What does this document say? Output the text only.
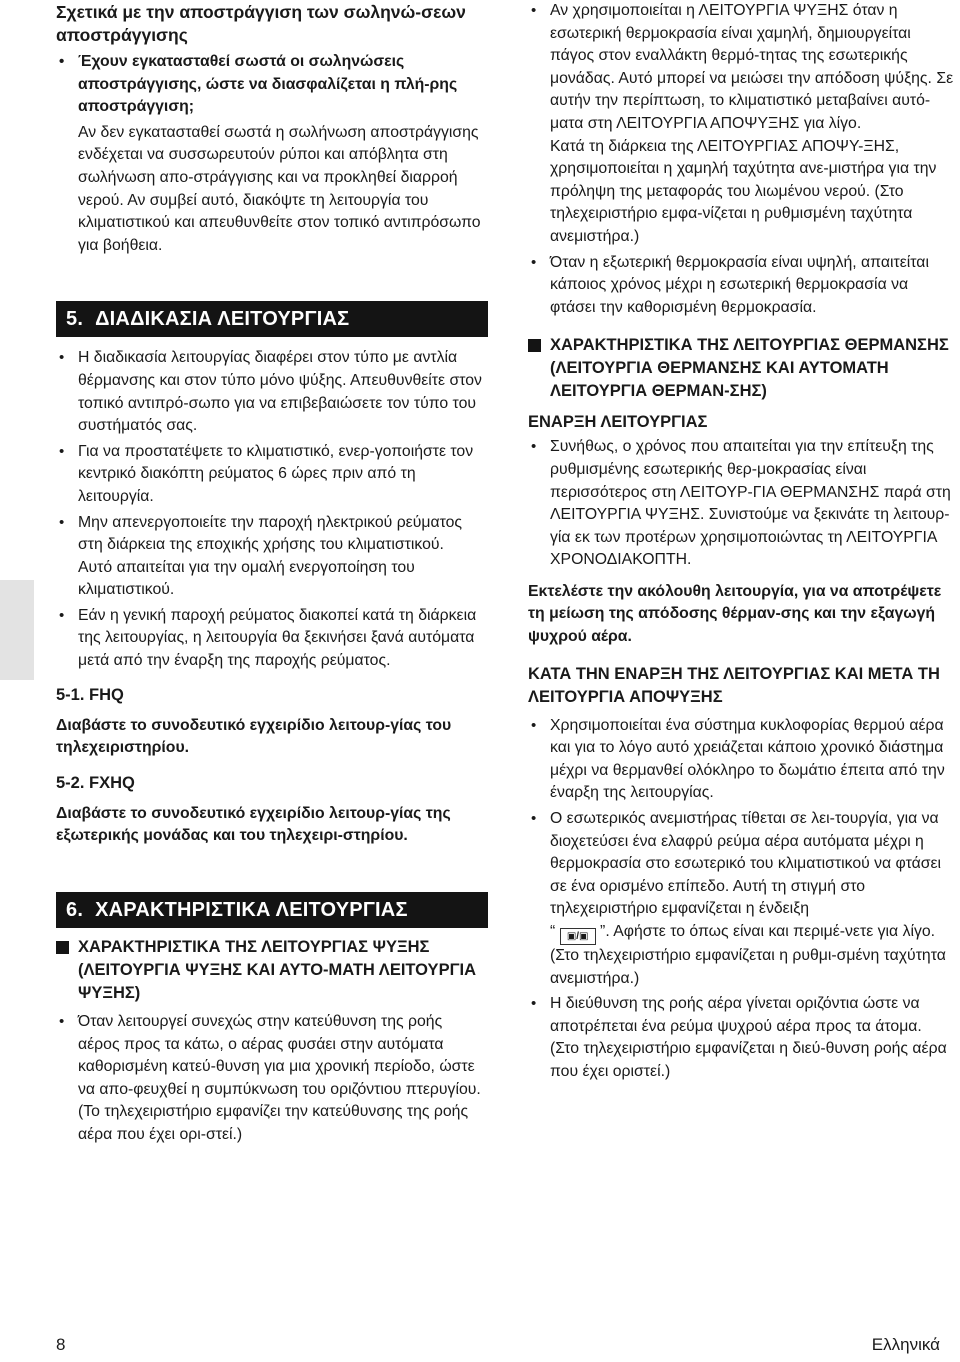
Σχετικά με την αποστράγγιση των σωληνώ-σεων αποστράγγισης
• Έχουν εγκατασταθεί σωστά οι σωληνώσεις αποστράγγισης, ώστε να διασφαλίζεται η πλή-ρης αποστράγγιση;

Αν δεν εγκατασταθεί σωστά η σωλήνωση αποστράγγισης ενδέχεται να συσσωρευτούν ρύποι και απόβλητα στη σωλήνωση απο-στράγγισης και να προκληθεί διαρροή νερού. Αν συμβεί αυτό, διακόψτε τη λειτουργία του κλιματιστικού και απευθυνθείτε στον τοπικό αντιπρόσωπο για βοήθεια.

5. ΔΙΑΔΙΚΑΣΙΑ ΛΕΙΤΟΥΡΓΙΑΣ
• Η διαδικασία λειτουργίας διαφέρει στον τύπο με αντλία θέρμανσης και στον τύπο μόνο ψύξης. Απευθυνθείτε στον τοπικό αντιπρό-σωπο για να επιβεβαιώσετε τον τύπο του συστήματός σας.
• Για να προστατέψετε το κλιματιστικό, ενερ-γοποιήστε τον κεντρικό διακόπτη ρεύματος 6 ώρες πριν από τη λειτουργία.
• Μην απενεργοποιείτε την παροχή ηλεκτρικού ρεύματος στη διάρκεια της εποχικής χρήσης του κλιματιστικού.

Αυτό απαιτείται για την ομαλή ενεργοποίηση του κλιματιστικού.

• Εάν η γενική παροχή ρεύματος διακοπεί κατά τη διάρκεια της λειτουργίας, η λειτουργία θα ξεκινήσει ξανά αυτόματα μετά από την έναρξη της παροχής ρεύματος.
5-1. FHQ

Διαβάστε το συνοδευτικό εγχειρίδιο λειτουρ-γίας του τηλεχειριστηρίου.

5-2. FXHQ

Διαβάστε το συνοδευτικό εγχειρίδιο λειτουρ-γίας της εξωτερικής μονάδας και του τηλεχειρι-στηρίου.

6. ΧΑΡΑΚΤΗΡΙΣΤΙΚΑ ΛΕΙΤΟΥΡΓΙΑΣ
ΧΑΡΑΚΤΗΡΙΣΤΙΚΑ ΤΗΣ ΛΕΙΤΟΥΡΓΙΑΣ ΨΥΞΗΣ (ΛΕΙΤΟΥΡΓΙΑ ΨΥΞΗΣ ΚΑΙ ΑΥΤΟ-ΜΑΤΗ ΛΕΙΤΟΥΡΓΙΑ ΨΥΞΗΣ)
• Όταν λειτουργεί συνεχώς στην κατεύθυνση της ροής αέρος προς τα κάτω, ο αέρας φυσάει στην αυτόματα καθορισμένη κατεύ-θυνση για μια χρονική περίοδο, ώστε να απο-φευχθεί η συμπύκνωση του οριζόντιου πτερυγίου. (Το τηλεχειριστήριο εμφανίζει την κατεύθυνσης της ροής αέρα που έχει ορι-στεί.)
• Αν χρησιμοποιείται η ΛΕΙΤΟΥΡΓΙΑ ΨΥΞΗΣ όταν η εσωτερική θερμοκρασία είναι χαμηλή, δημιουργείται πάγος στον εναλλάκτη θερμό-τητας της εσωτερικής μονάδας. Αυτό μπορεί να μειώσει την απόδοση ψύξης. Σε αυτήν την περίπτωση, το κλιματιστικό μεταβαίνει αυτό-ματα στη ΛΕΙΤΟΥΡΓΙΑ ΑΠΟΨΥΞΗΣ για λίγο.

Κατά τη διάρκεια της ΛΕΙΤΟΥΡΓΙΑΣ ΑΠΟΨΥ-ΞΗΣ, χρησιμοποιείται η χαμηλή ταχύτητα ανε-μιστήρα για την πρόληψη της μεταφοράς του λιωμένου νερού. (Στο τηλεχειριστήριο εμφα-νίζεται η ρυθμισμένη ταχύτητα ανεμιστήρα.)

• Όταν η εξωτερική θερμοκρασία είναι υψηλή, απαιτείται κάποιος χρόνος μέχρι η εσωτερική θερμοκρασία να φτάσει την καθορισμένη θερμοκρασία.
ΧΑΡΑΚΤΗΡΙΣΤΙΚΑ ΤΗΣ ΛΕΙΤΟΥΡΓΙΑΣ ΘΕΡΜΑΝΣΗΣ (ΛΕΙΤΟΥΡΓΙΑ ΘΕΡΜΑΝΣΗΣ ΚΑΙ ΑΥΤΟΜΑΤΗ ΛΕΙΤΟΥΡΓΙΑ ΘΕΡΜΑΝ-ΣΗΣ)
ΕΝΑΡΞΗ ΛΕΙΤΟΥΡΓΙΑΣ
• Συνήθως, ο χρόνος που απαιτείται για την επίτευξη της ρυθμισμένης εσωτερικής θερ-μοκρασίας είναι περισσότερος στη ΛΕΙΤΟΥΡ-ΓΙΑ ΘΕΡΜΑΝΣΗΣ παρά στη ΛΕΙΤΟΥΡΓΙΑ ΨΥΞΗΣ. Συνιστούμε να ξεκινάτε τη λειτουρ-γία εκ των προτέρων χρησιμοποιώντας τη ΛΕΙΤΟΥΡΓΙΑ ΧΡΟΝΟΔΙΑΚΟΠΤΗ.

Εκτελέστε την ακόλουθη λειτουργία, για να αποτρέψετε τη μείωση της απόδοσης θέρμαν-σης και την εξαγωγή ψυχρού αέρα.

ΚΑΤΑ ΤΗΝ ΕΝΑΡΞΗ ΤΗΣ ΛΕΙΤΟΥΡΓΙΑΣ ΚΑΙ ΜΕΤΑ ΤΗ ΛΕΙΤΟΥΡΓΙΑ ΑΠΟΨΥΞΗΣ
• Χρησιμοποιείται ένα σύστημα κυκλοφορίας θερμού αέρα και για το λόγο αυτό χρειάζεται κάποιο χρονικό διάστημα μέχρι να θερμανθεί ολόκληρο το δωμάτιο έπειτα από την έναρξη της λειτουργίας.
• Ο εσωτερικός ανεμιστήρας τίθεται σε λει-τουργία, για να διοχετεύσει ένα ελαφρύ ρεύμα αέρα αυτόματα μέχρι η θερμοκρασία στο εσωτερικό του κλιματιστικού να φτάσει σε ένα ορισμένο επίπεδο. Αυτή τη στιγμή στο τηλεχειριστήριο εμφανίζεται η ένδειξη
“ ▣/▣ ”. Αφήστε το όπως είναι και περιμέ-νετε για λίγο.

(Στο τηλεχειριστήριο εμφανίζεται η ρυθμι-σμένη ταχύτητα ανεμιστήρα.)

• Η διεύθυνση της ροής αέρα γίνεται οριζόντια ώστε να αποτρέπεται ένα ρεύμα ψυχρού αέρα προς τα άτομα.

(Στο τηλεχειριστήριο εμφανίζεται η διεύ-θυνση ροής αέρα που έχει οριστεί.)

8	Ελληνικά
